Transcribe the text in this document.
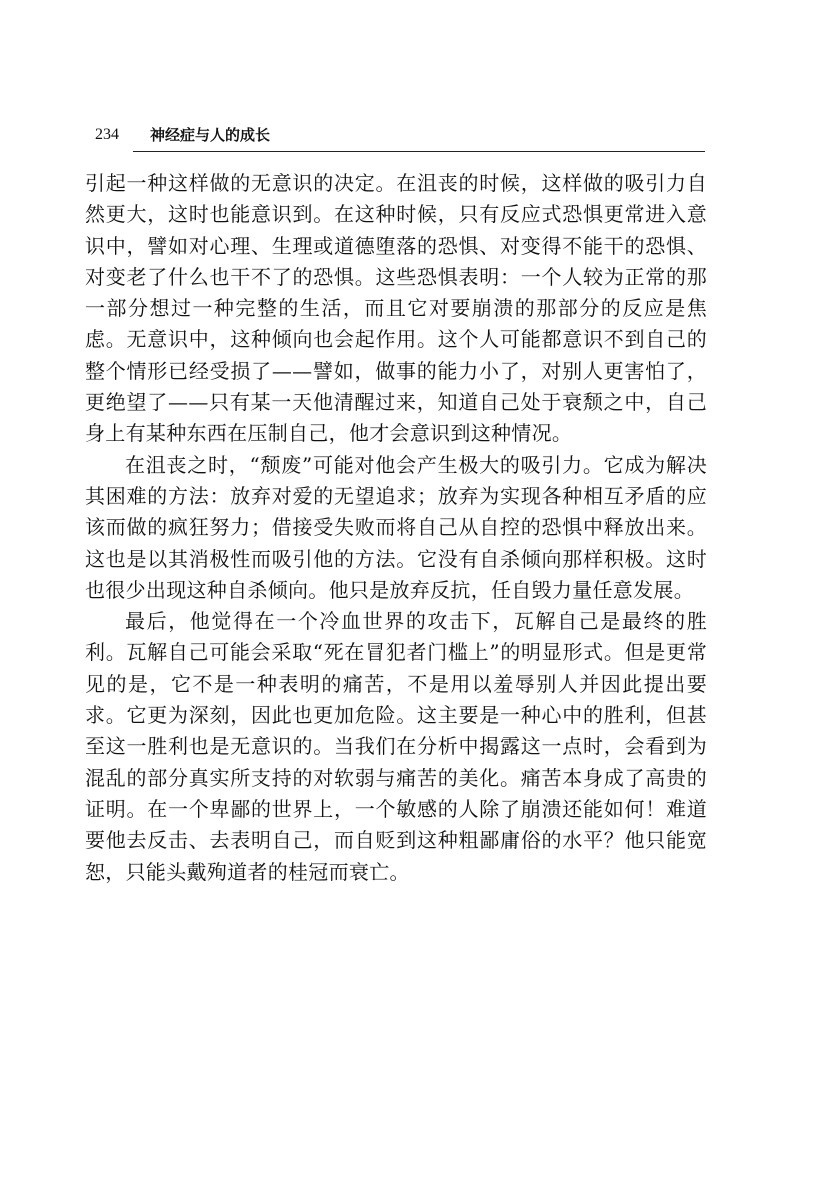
234 神经症与人的成长

引起一种这样做的无意识的决定。在沮丧的时候，这样做的吸引力自然更大，这时也能意识到。在这种时候，只有反应式恐惧更常进入意识中，譬如对心理、生理或道德堕落的恐惧、对变得不能干的恐惧、对变老了什么也干不了的恐惧。这些恐惧表明：一个人较为正常的那一部分想过一种完整的生活，而且它对要崩溃的那部分的反应是焦虑。无意识中，这种倾向也会起作用。这个人可能都意识不到自己的整个情形已经受损了——譬如，做事的能力小了，对别人更害怕了，更绝望了——只有某一天他清醒过来，知道自己处于衰颓之中，自己身上有某种东西在压制自己，他才会意识到这种情况。

在沮丧之时，“颓废”可能对他会产生极大的吸引力。它成为解决其困难的方法：放弃对爱的无望追求；放弃为实现各种相互矛盾的应该而做的疯狂努力；借接受失败而将自己从自控的恐惧中释放出来。这也是以其消极性而吸引他的方法。它没有自杀倾向那样积极。这时也很少出现这种自杀倾向。他只是放弃反抗，任自毁力量任意发展。

最后，他觉得在一个冷血世界的攻击下，瓦解自己是最终的胜利。瓦解自己可能会采取“死在冒犯者门槛上”的明显形式。但是更常见的是，它不是一种表明的痛苦，不是用以羞辱别人并因此提出要求。它更为深刻，因此也更加危险。这主要是一种心中的胜利，但甚至这一胜利也是无意识的。当我们在分析中揭露这一点时，会看到为混乱的部分真实所支持的对软弱与痛苦的美化。痛苦本身成了高贵的证明。在一个卑鄙的世界上，一个敏感的人除了崩溃还能如何！难道要他去反击、去表明自己，而自贬到这种粗鄙庸俗的水平？他只能宽恕，只能头戴殉道者的桂冠而衰亡。
